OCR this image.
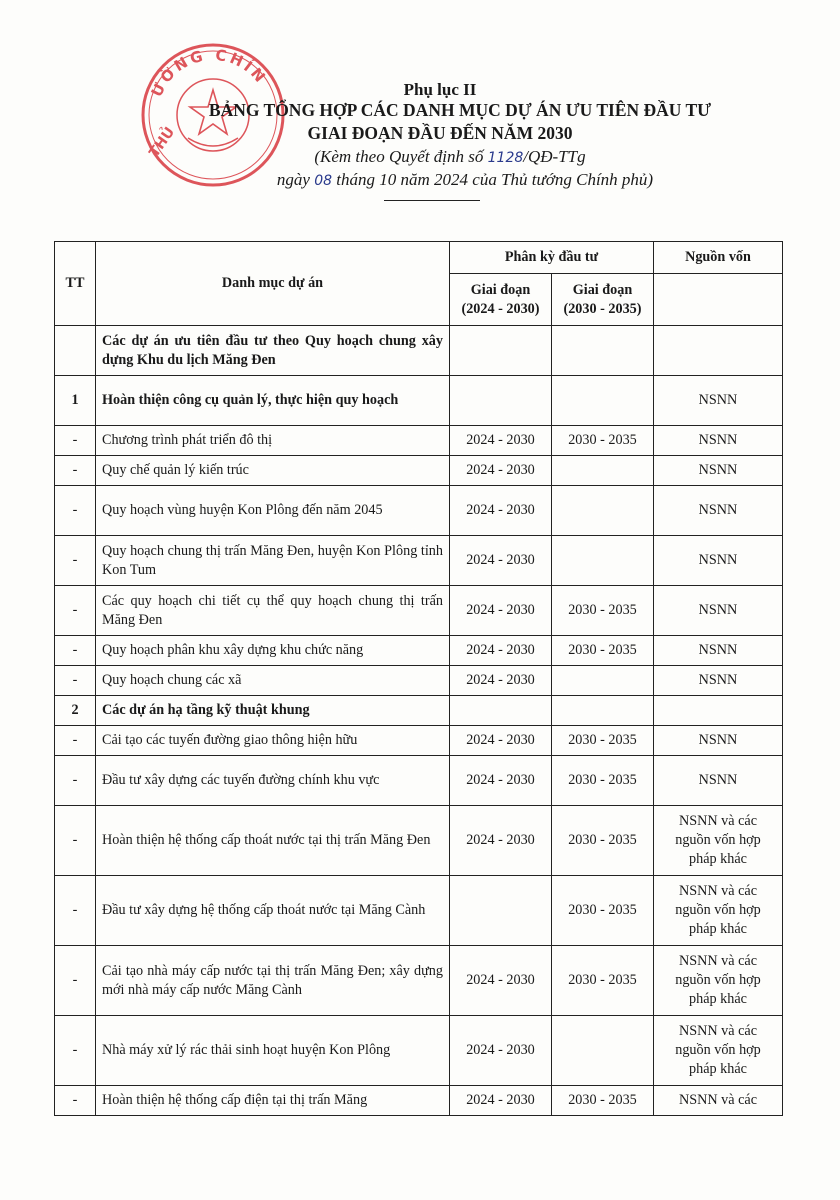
ƯỜNG CHÍN
THỦ
Phụ lục II
BẢNG TỔNG HỢP CÁC DANH MỤC DỰ ÁN ƯU TIÊN ĐẦU TƯ
GIAI ĐOẠN ĐẦU ĐẾN NĂM 2030
(Kèm theo Quyết định số 1128/QĐ-TTg
ngày 08 tháng 10 năm 2024 của Thủ tướng Chính phủ)
TT	Danh mục dự án	Phân kỳ đầu tư		Nguồn vốn
		Giai đoạn (2024 - 2030)	Giai đoạn (2030 - 2035)	
	Các dự án ưu tiên đầu tư theo Quy hoạch chung xây dựng Khu du lịch Măng Đen			
1	Hoàn thiện công cụ quản lý, thực hiện quy hoạch			NSNN
-	Chương trình phát triển đô thị	2024 - 2030	2030 - 2035	NSNN
-	Quy chế quản lý kiến trúc	2024 - 2030		NSNN
-	Quy hoạch vùng huyện Kon Plông đến năm 2045	2024 - 2030		NSNN
-	Quy hoạch chung thị trấn Măng Đen, huyện Kon Plông tỉnh Kon Tum	2024 - 2030		NSNN
-	Các quy hoạch chi tiết cụ thể quy hoạch chung thị trấn Măng Đen	2024 - 2030	2030 - 2035	NSNN
-	Quy hoạch phân khu xây dựng khu chức năng	2024 - 2030	2030 - 2035	NSNN
-	Quy hoạch chung các xã	2024 - 2030		NSNN
2	Các dự án hạ tầng kỹ thuật khung			
-	Cải tạo các tuyến đường giao thông hiện hữu	2024 - 2030	2030 - 2035	NSNN
-	Đầu tư xây dựng các tuyến đường chính khu vực	2024 - 2030	2030 - 2035	NSNN
-	Hoàn thiện hệ thống cấp thoát nước tại thị trấn Măng Đen	2024 - 2030	2030 - 2035	NSNN và các nguồn vốn hợp pháp khác
-	Đầu tư xây dựng hệ thống cấp thoát nước tại Măng Cành		2030 - 2035	NSNN và các nguồn vốn hợp pháp khác
-	Cải tạo nhà máy cấp nước tại thị trấn Măng Đen; xây dựng mới nhà máy cấp nước Măng Cành	2024 - 2030	2030 - 2035	NSNN và các nguồn vốn hợp pháp khác
-	Nhà máy xử lý rác thải sinh hoạt huyện Kon Plông	2024 - 2030		NSNN và các nguồn vốn hợp pháp khác
-	Hoàn thiện hệ thống cấp điện tại thị trấn Măng	2024 - 2030	2030 - 2035	NSNN và các
